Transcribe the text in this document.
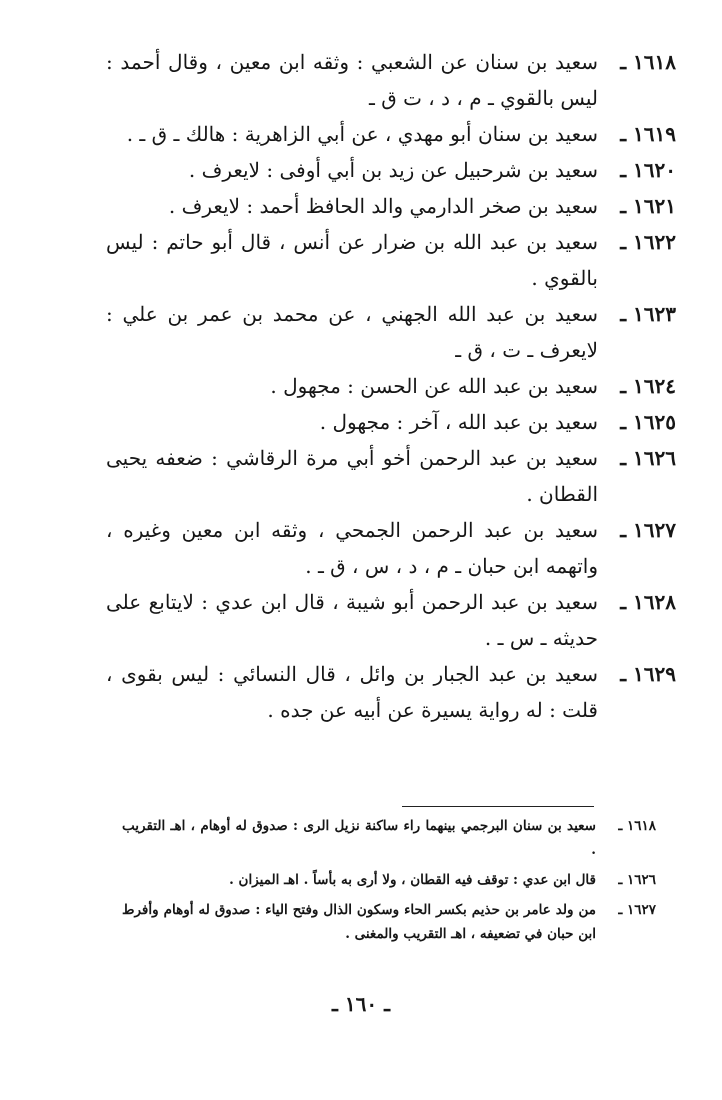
١٦١٨ ـ
سعيد بن سنان عن الشعبي : وثقه ابن معين ، وقال أحمد : ليس بالقوي ـ م ، د ، ت ق ـ
١٦١٩ ـ
سعيد بن سنان أبو مهدي ، عن أبي الزاهرية : هالك ـ ق ـ .
١٦٢٠ ـ
سعيد بن شرحبيل عن زيد بن أبي أوفى : لايعرف .
١٦٢١ ـ
سعيد بن صخر الدارمي والد الحافظ أحمد : لايعرف .
١٦٢٢ ـ
سعيد بن عبد الله بن ضرار عن أنس ، قال أبو حاتم : ليس بالقوي .
١٦٢٣ ـ
سعيد بن عبد الله الجهني ، عن محمد بن عمر بن علي : لايعرف ـ ت ، ق ـ
١٦٢٤ ـ
سعيد بن عبد الله عن الحسن : مجهول .
١٦٢٥ ـ
سعيد بن عبد الله ، آخر : مجهول .
١٦٢٦ ـ
سعيد بن عبد الرحمن أخو أبي مرة الرقاشي : ضعفه يحيى القطان .
١٦٢٧ ـ
سعيد بن عبد الرحمن الجمحي ، وثقه ابن معين وغيره ، واتهمه ابن حبان ـ م ، د ، س ، ق ـ .
١٦٢٨ ـ
سعيد بن عبد الرحمن أبو شيبة ، قال ابن عدي : لايتابع على حديثه ـ س ـ .
١٦٢٩ ـ
سعيد بن عبد الجبار بن وائل ، قال النسائي : ليس بقوى ، قلت : له رواية يسيرة عن أبيه عن جده .
١٦١٨ ـ
سعيد بن سنان البرجمي بينهما راء ساكنة نزيل الرى : صدوق له أوهام ، اهـ التقريب .
١٦٢٦ ـ
قال ابن عدي : توقف فيه القطان ، ولا أرى به بأساً . اهـ الميزان .
١٦٢٧ ـ
من ولد عامر بن حذيم بكسر الحاء وسكون الذال وفتح الياء : صدوق له أوهام وأفرط ابن حبان في تضعيفه ، اهـ التقريب والمغنى .
ـ ١٦٠ ـ
